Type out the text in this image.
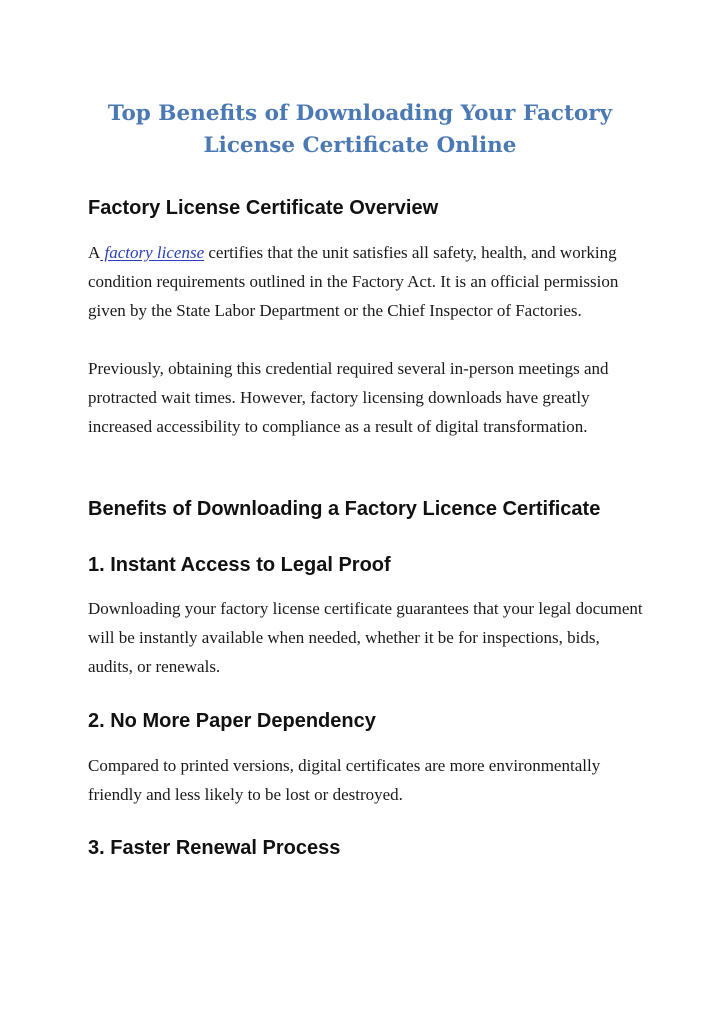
Top Benefits of Downloading Your Factory License Certificate Online
Factory License Certificate Overview

A factory license certifies that the unit satisfies all safety, health, and working condition requirements outlined in the Factory Act. It is an official permission given by the State Labor Department or the Chief Inspector of Factories.

Previously, obtaining this credential required several in-person meetings and protracted wait times. However, factory licensing downloads have greatly increased accessibility to compliance as a result of digital transformation.

Benefits of Downloading a Factory Licence Certificate
1. Instant Access to Legal Proof

Downloading your factory license certificate guarantees that your legal document will be instantly available when needed, whether it be for inspections, bids, audits, or renewals.

2. No More Paper Dependency

Compared to printed versions, digital certificates are more environmentally friendly and less likely to be lost or destroyed.

3. Faster Renewal Process
